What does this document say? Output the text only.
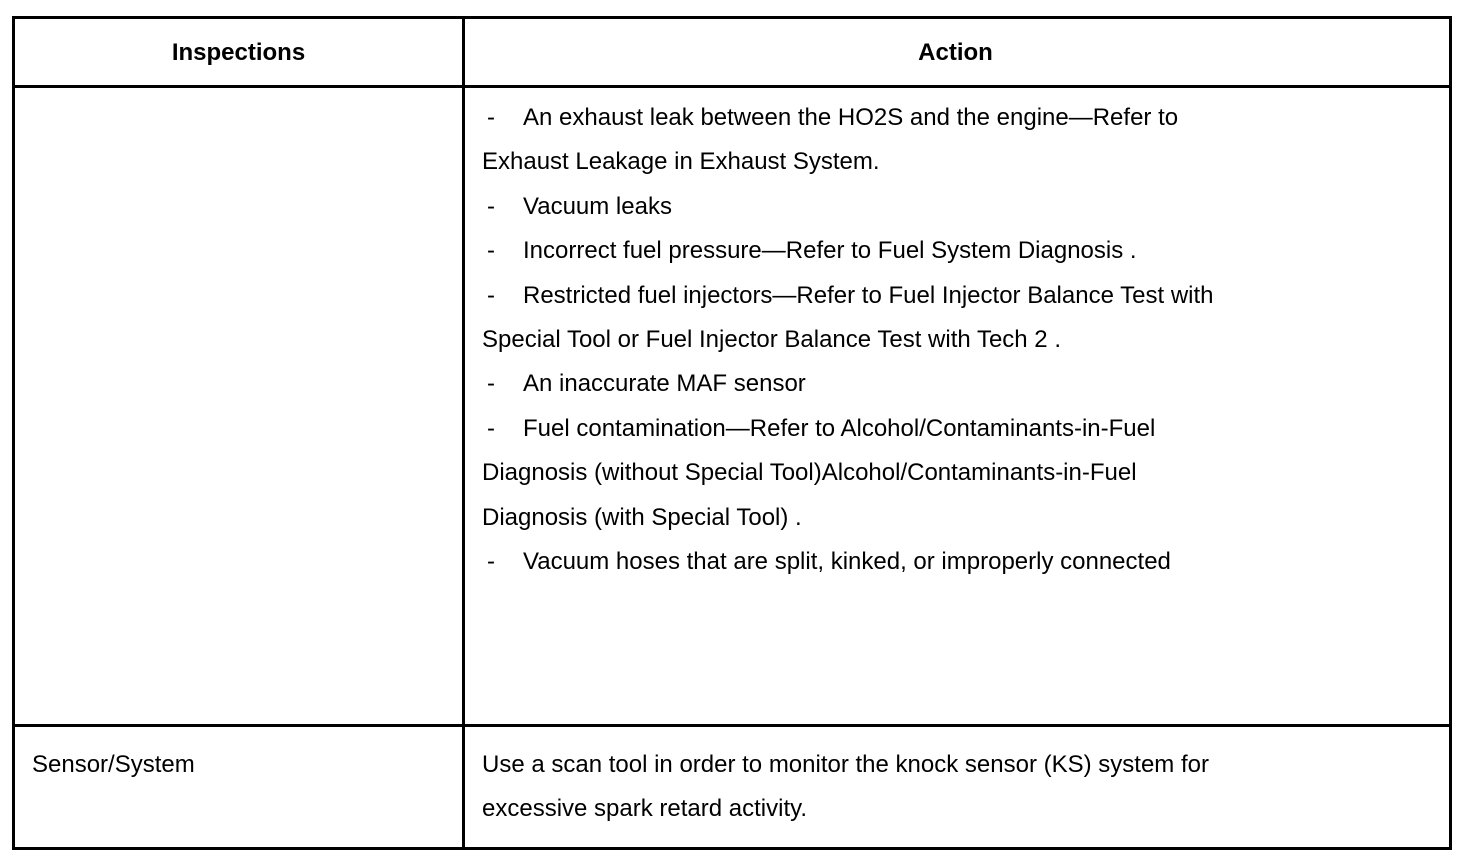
Inspections	Action
- An exhaust leak between the HO2S and the engine—Refer to
Exhaust Leakage in Exhaust System.
- Vacuum leaks
- Incorrect fuel pressure—Refer to Fuel System Diagnosis .
- Restricted fuel injectors—Refer to Fuel Injector Balance Test with
Special Tool or Fuel Injector Balance Test with Tech 2 .
- An inaccurate MAF sensor
- Fuel contamination—Refer to Alcohol/Contaminants-in-Fuel
Diagnosis (without Special Tool)Alcohol/Contaminants-in-Fuel
Diagnosis (with Special Tool) .
- Vacuum hoses that are split, kinked, or improperly connected
Sensor/System	Use a scan tool in order to monitor the knock sensor (KS) system for
excessive spark retard activity.
